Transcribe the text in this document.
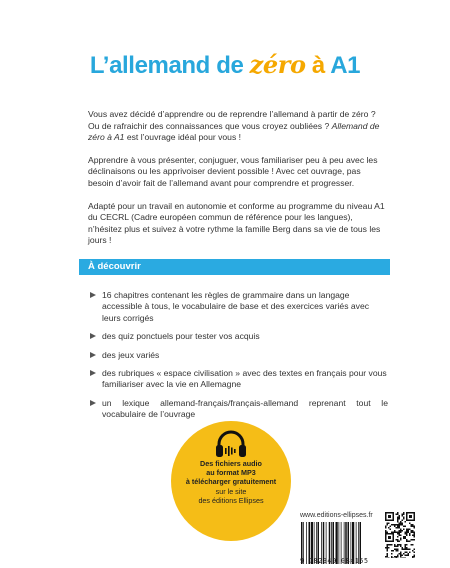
L’allemand de zéro à A1

Vous avez décidé d’apprendre ou de reprendre l’allemand à partir de zéro ? Ou de rafraichir des connaissances que vous croyez oubliées ? Allemand de zéro à A1 est l’ouvrage idéal pour vous !

Apprendre à vous présenter, conjuguer, vous familiariser peu à peu avec les déclinaisons ou les apprivoiser devient possible ! Avec cet ouvrage, pas besoin d’avoir fait de l’allemand avant pour comprendre et progresser.

Adapté pour un travail en autonomie et conforme au programme du niveau A1 du CECRL (Cadre européen commun de référence pour les langues), n’hésitez plus et suivez à votre rythme la famille Berg dans sa vie de tous les jours !

À découvrir
16 chapitres contenant les règles de grammaire dans un langage accessible à tous, le vocabulaire de base et des exercices variés avec leurs corrigés
des quiz ponctuels pour tester vos acquis
des jeux variés
des rubriques « espace civilisation » avec des textes en français pour vous familiariser avec la vie en Allemagne
un lexique allemand-français/français-allemand reprenant tout le vocabulaire de l’ouvrage
Des fichiers audio
au format MP3
à télécharger gratuitement
sur le site
des éditions Ellipses
www.editions-ellipses.fr
9 782340 084155
